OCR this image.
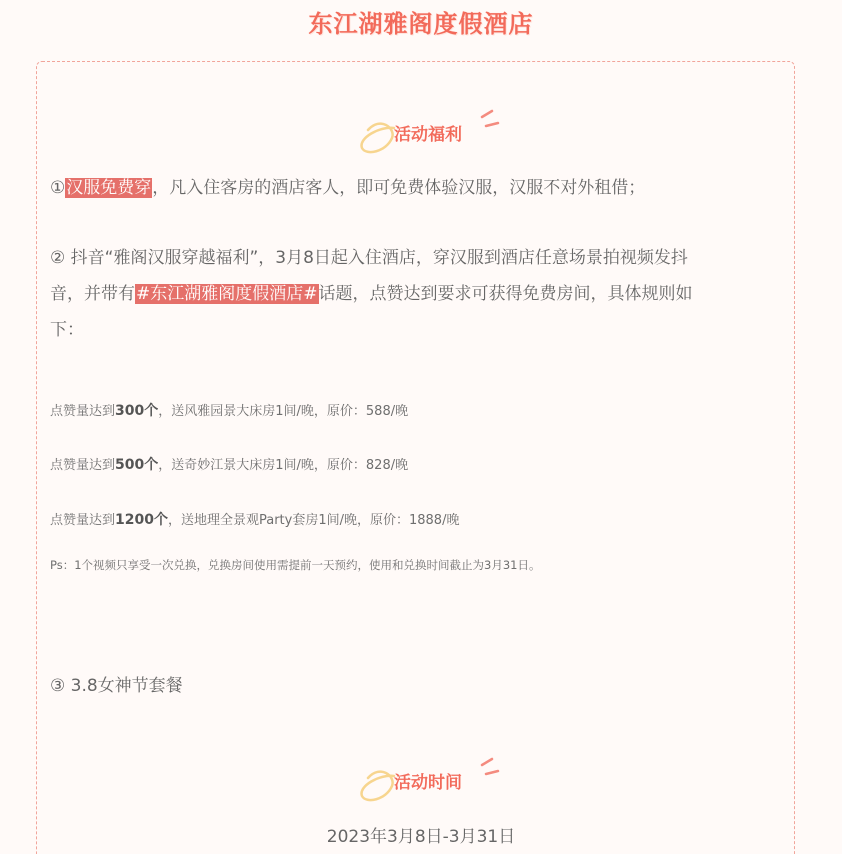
东江湖雅阁度假酒店
活动福利
①汉服免费穿，凡入住客房的酒店客人，即可免费体验汉服，汉服不对外租借；
② 抖音“雅阁汉服穿越福利”，3月8日起入住酒店，穿汉服到酒店任意场景拍视频发抖
音，并带有#东江湖雅阁度假酒店#话题，点赞达到要求可获得免费房间，具体规则如
下：
点赞量达到300个，送风雅园景大床房1间/晚，原价：588/晚
点赞量达到500个，送奇妙江景大床房1间/晚，原价：828/晚
点赞量达到1200个，送地理全景观Party套房1间/晚，原价：1888/晚
Ps：1个视频只享受一次兑换，兑换房间使用需提前一天预约，使用和兑换时间截止为3月31日。
③ 3.8女神节套餐
活动时间
2023年3月8日-3月31日
